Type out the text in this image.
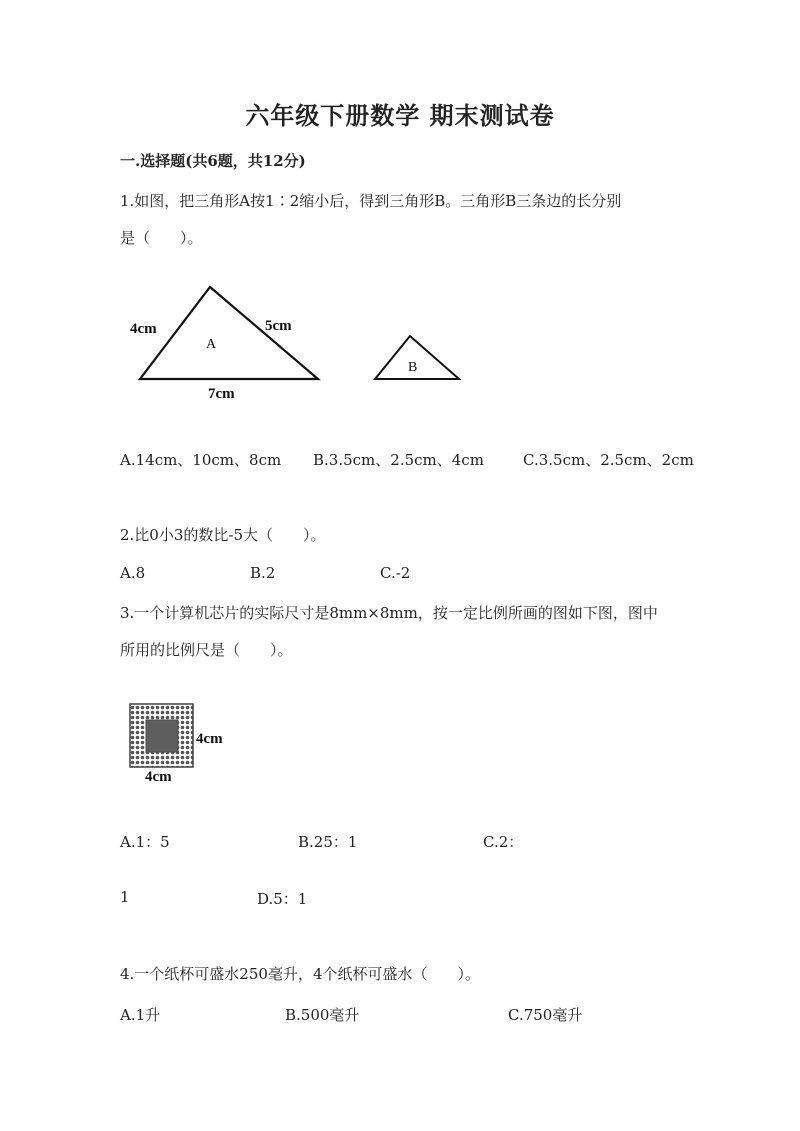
六年级下册数学 期末测试卷
一.选择题(共6题，共12分)
1.如图，把三角形A按1∶2缩小后，得到三角形B。三角形B三条边的长分别
是（　　）。
4cm	5cm
7cm
A
B
A.14cm、10cm、8cm B.3.5cm、2.5cm、4cm	C.3.5cm、2.5cm、2cm
2.比0小3的数比-5大（　　）。
A.8	B.2	C.-2
3.一个计算机芯片的实际尺寸是8mm×8mm，按一定比例所画的图如下图，图中
所用的比例尺是（　　）。
4cm
4cm
A.1：5	B.25：1	C.2：
1	D.5：1
4.一个纸杯可盛水250毫升，4个纸杯可盛水（　　）。
A.1升	B.500毫升	C.750毫升
